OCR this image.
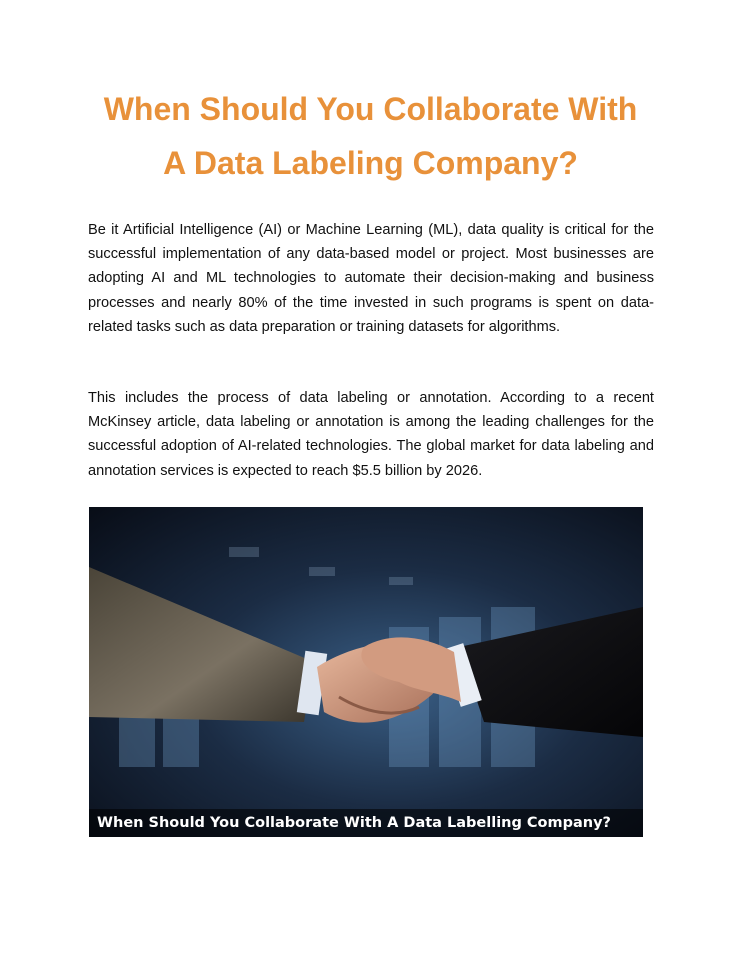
When Should You Collaborate With
A Data Labeling Company?

Be it Artificial Intelligence (AI) or Machine Learning (ML), data quality is critical for the successful implementation of any data-based model or project. Most businesses are adopting AI and ML technologies to automate their decision-making and business processes and nearly 80% of the time invested in such programs is spent on data-related tasks such as data preparation or training datasets for algorithms.

This includes the process of data labeling or annotation. According to a recent McKinsey article, data labeling or annotation is among the leading challenges for the successful adoption of AI-related technologies. The global market for data labeling and annotation services is expected to reach $5.5 billion by 2026.

When Should You Collaborate With A Data Labelling Company?
